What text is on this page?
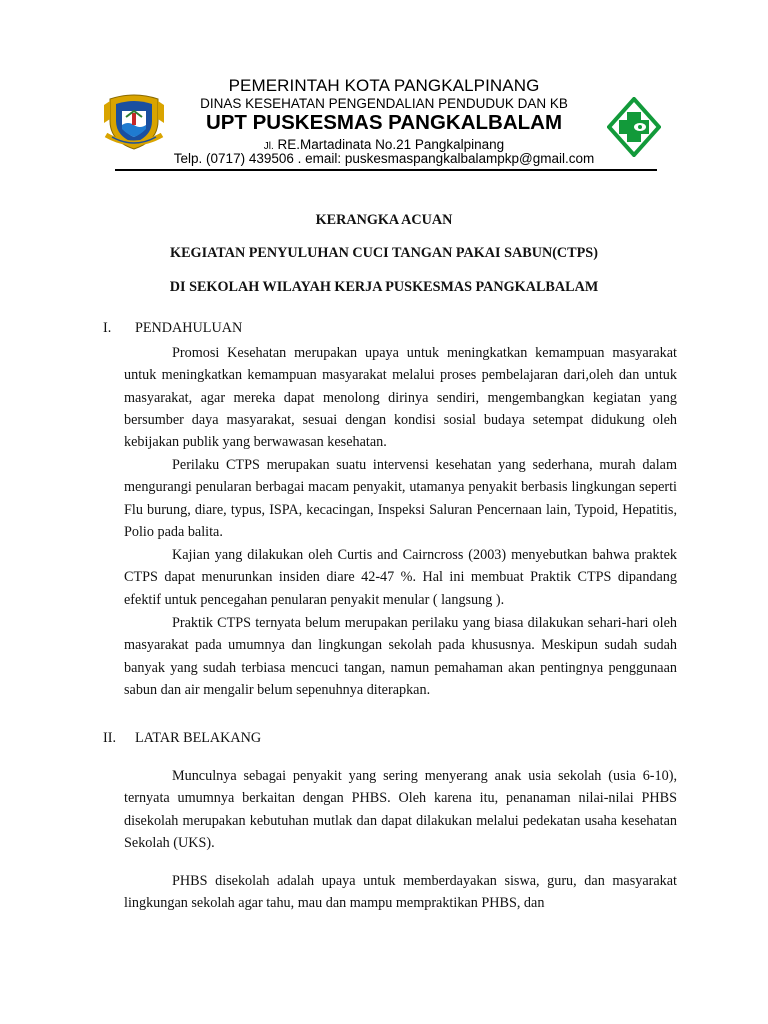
PEMERINTAH KOTA PANGKALPINANG
DINAS KESEHATAN PENGENDALIAN PENDUDUK DAN KB
UPT PUSKESMAS PANGKALBALAM
Jl. RE.Martadinata No.21 Pangkalpinang
Telp. (0717) 439506 . email: puskesmaspangkalbalampkp@gmail.com
KERANGKA ACUAN
KEGIATAN PENYULUHAN CUCI TANGAN PAKAI SABUN(CTPS)
DI SEKOLAH WILAYAH KERJA PUSKESMAS PANGKALBALAM
I. PENDAHULUAN
Promosi Kesehatan merupakan upaya untuk meningkatkan kemampuan masyarakat untuk meningkatkan kemampuan masyarakat melalui proses pembelajaran dari,oleh dan untuk masyarakat, agar mereka dapat menolong dirinya sendiri, mengembangkan kegiatan yang bersumber daya masyarakat, sesuai dengan kondisi sosial budaya setempat didukung oleh kebijakan publik yang berwawasan kesehatan.
Perilaku CTPS merupakan suatu intervensi kesehatan yang sederhana, murah dalam mengurangi penularan berbagai macam penyakit, utamanya penyakit berbasis lingkungan seperti Flu burung, diare, typus, ISPA, kecacingan, Inspeksi Saluran Pencernaan lain, Typoid, Hepatitis, Polio pada balita.
Kajian yang dilakukan oleh Curtis and Cairncross (2003) menyebutkan bahwa praktek CTPS dapat menurunkan insiden diare 42-47 %. Hal ini membuat Praktik CTPS dipandang efektif untuk pencegahan penularan penyakit menular ( langsung ).
Praktik CTPS ternyata belum merupakan perilaku yang biasa dilakukan sehari-hari oleh masyarakat pada umumnya dan lingkungan sekolah pada khususnya. Meskipun sudah sudah banyak yang sudah terbiasa mencuci tangan, namun pemahaman akan pentingnya penggunaan sabun dan air mengalir belum sepenuhnya diterapkan.
II. LATAR BELAKANG
Munculnya sebagai penyakit yang sering menyerang anak usia sekolah (usia 6-10), ternyata umumnya berkaitan dengan PHBS. Oleh karena itu, penanaman nilai-nilai PHBS disekolah merupakan kebutuhan mutlak dan dapat dilakukan melalui pedekatan usaha kesehatan Sekolah (UKS).
PHBS disekolah adalah upaya untuk memberdayakan siswa, guru, dan masyarakat lingkungan sekolah agar tahu, mau dan mampu mempraktikan PHBS, dan
